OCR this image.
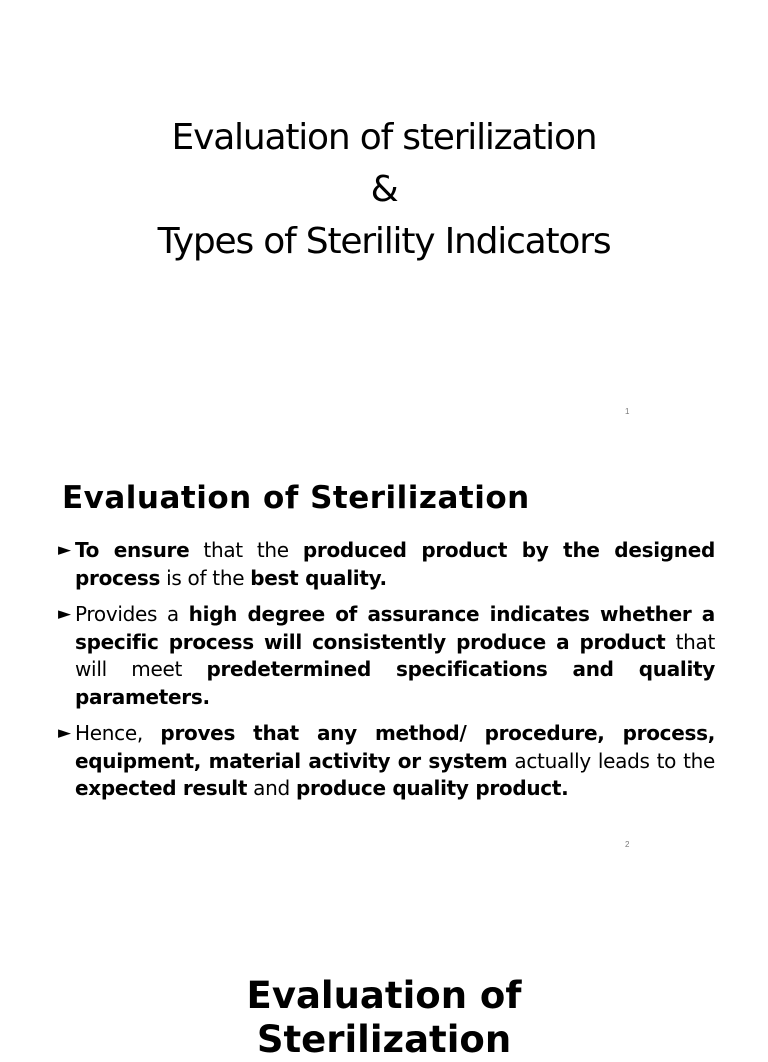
Evaluation of sterilization
&
Types of Sterility Indicators
1
Evaluation of Sterilization
► To ensure that the produced product by the designed process is of the best quality.
► Provides a high degree of assurance indicates whether a specific process will consistently produce a product that will meet predetermined specifications and quality parameters.
► Hence, proves that any method/ procedure, process, equipment, material activity or system actually leads to the expected result and produce quality product.
2
Evaluation of
Sterilization
